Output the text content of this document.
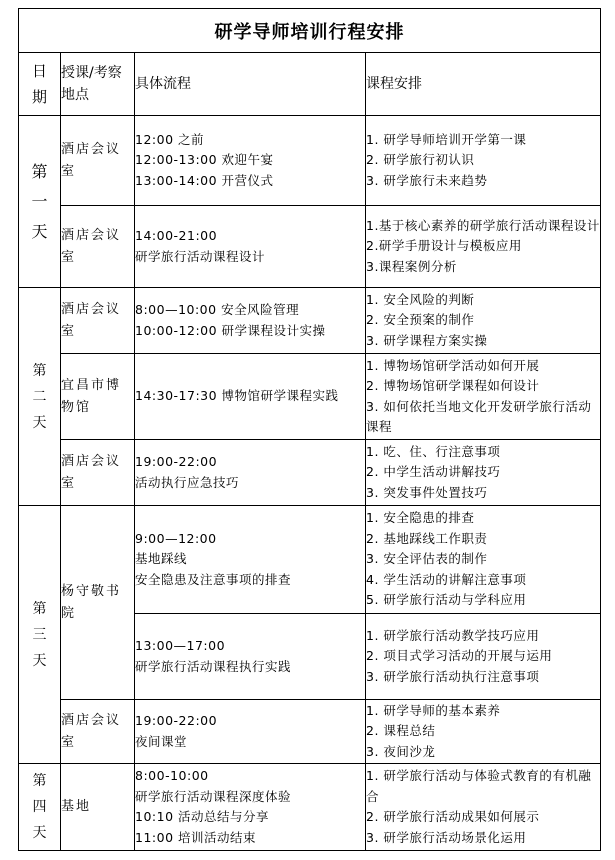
研学导师培训行程安排			

日
期	授课/考察地点	具体流程	课程安排

第
一
天	酒店会议室	12:00 之前
12:00-13:00 欢迎午宴
13:00-14:00 开营仪式	1. 研学导师培训开学第一课
2. 研学旅行初认识
3. 研学旅行未来趋势

	酒店会议室	14:00-21:00
研学旅行活动课程设计	1.基于核心素养的研学旅行活动课程设计
2.研学手册设计与模板应用
3.课程案例分析

第
二
天	酒店会议室	8:00—10:00 安全风险管理
10:00-12:00 研学课程设计实操	1. 安全风险的判断
2. 安全预案的制作
3. 研学课程方案实操

	宜昌市博物馆	14:30-17:30 博物馆研学课程实践	1. 博物场馆研学活动如何开展
2. 博物场馆研学课程如何设计
3. 如何依托当地文化开发研学旅行活动课程

	酒店会议室	19:00-22:00
活动执行应急技巧	1. 吃、住、行注意事项
2. 中学生活动讲解技巧
3. 突发事件处置技巧

第
三
天	杨守敬书院	9:00—12:00
基地踩线
安全隐患及注意事项的排查	1. 安全隐患的排查
2. 基地踩线工作职责
3. 安全评估表的制作
4. 学生活动的讲解注意事项
5. 研学旅行活动与学科应用

		13:00—17:00
研学旅行活动课程执行实践	1. 研学旅行活动教学技巧应用
2. 项目式学习活动的开展与运用
3. 研学旅行活动执行注意事项

	酒店会议室	19:00-22:00
夜间课堂	1. 研学导师的基本素养
2. 课程总结
3. 夜间沙龙

第
四
天	基地	8:00-10:00
研学旅行活动课程深度体验
10:10 活动总结与分享
11:00 培训活动结束	1. 研学旅行活动与体验式教育的有机融合
2. 研学旅行活动成果如何展示
3. 研学旅行活动场景化运用
